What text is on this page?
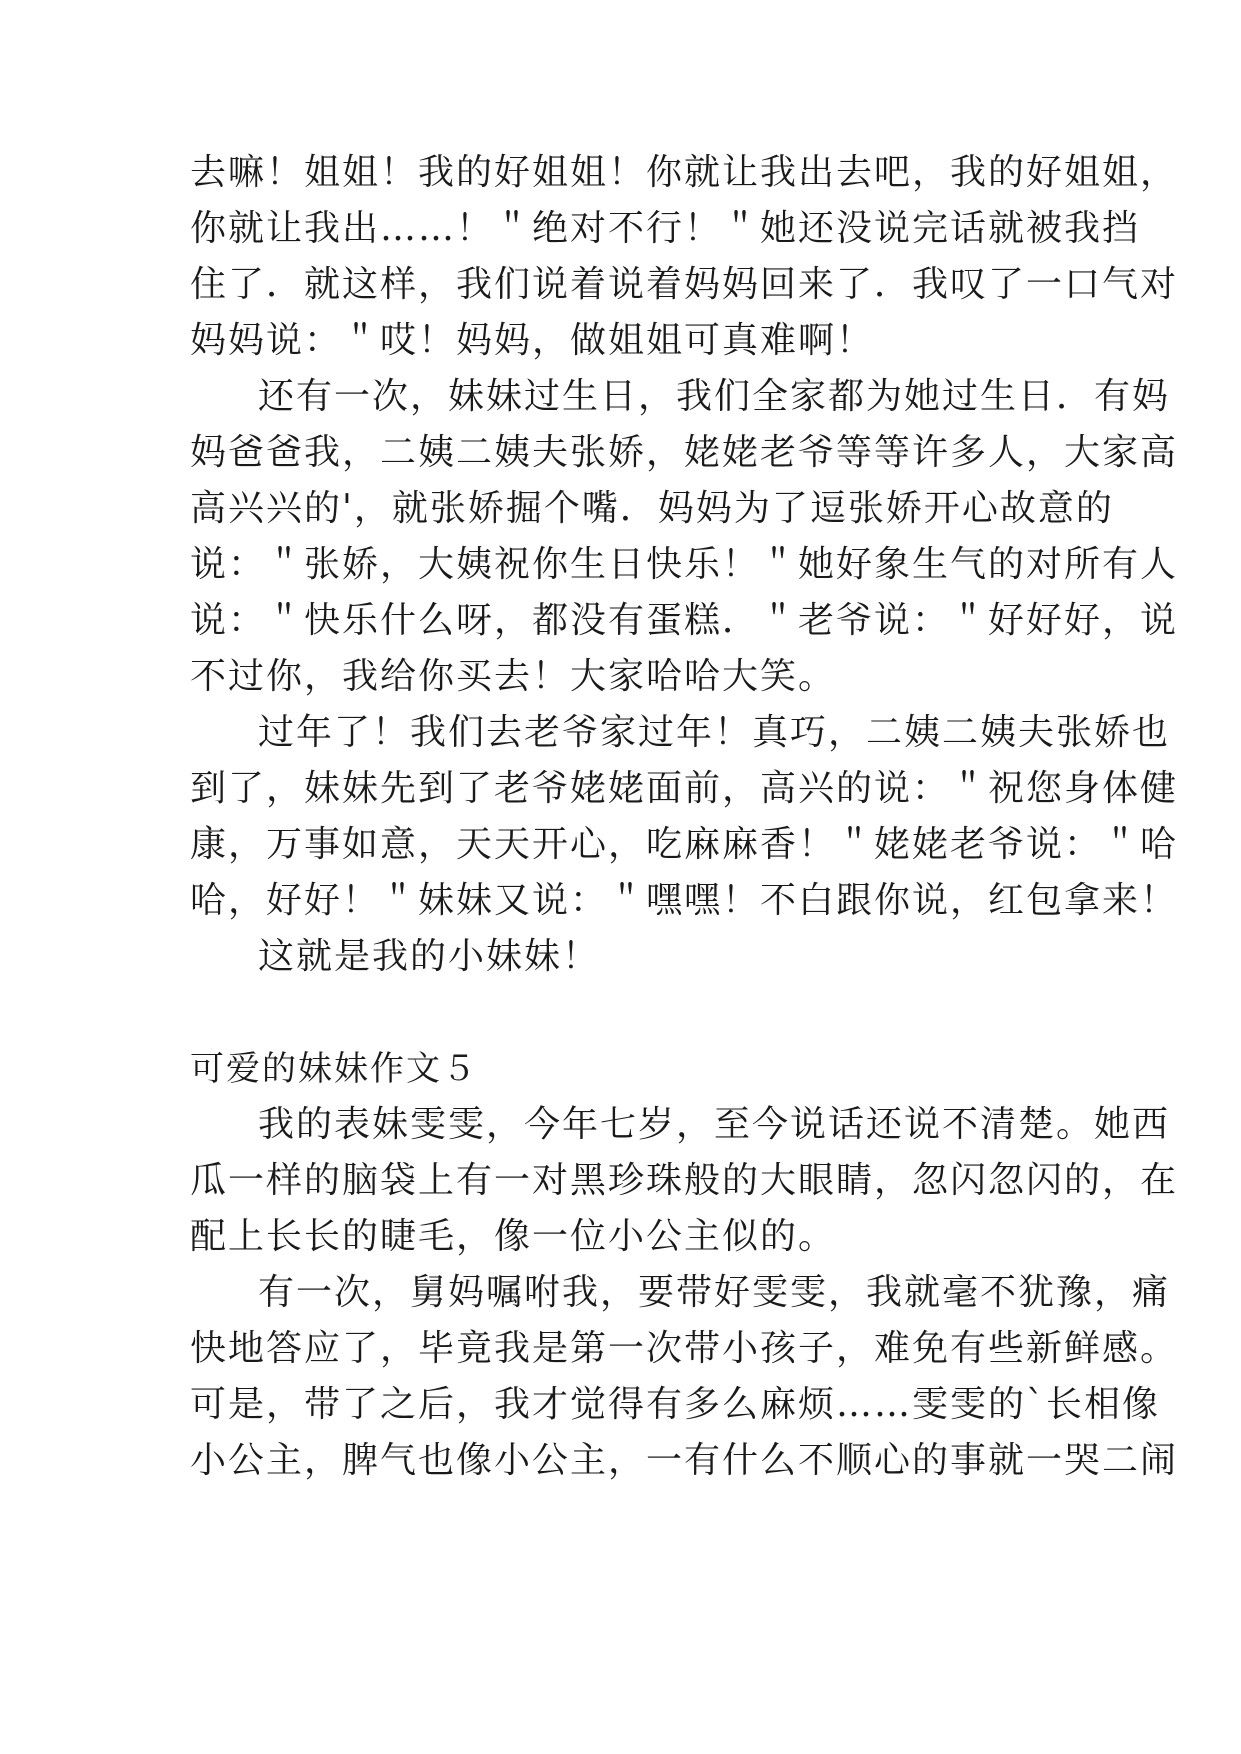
去嘛！姐姐！我的好姐姐！你就让我出去吧，我的好姐姐，
你就让我出……！＂绝对不行！＂她还没说完话就被我挡
住了．就这样，我们说着说着妈妈回来了．我叹了一口气对
妈妈说：＂哎！妈妈，做姐姐可真难啊！
还有一次，妹妹过生日，我们全家都为她过生日．有妈
妈爸爸我，二姨二姨夫张娇，姥姥老爷等等许多人，大家高
高兴兴的'，就张娇掘个嘴．妈妈为了逗张娇开心故意的
说：＂张娇，大姨祝你生日快乐！＂她好象生气的对所有人
说：＂快乐什么呀，都没有蛋糕．＂老爷说：＂好好好，说
不过你，我给你买去！大家哈哈大笑。
过年了！我们去老爷家过年！真巧，二姨二姨夫张娇也
到了，妹妹先到了老爷姥姥面前，高兴的说：＂祝您身体健
康，万事如意，天天开心，吃麻麻香！＂姥姥老爷说：＂哈
哈，好好！＂妹妹又说：＂嘿嘿！不白跟你说，红包拿来！
这就是我的小妹妹！
可爱的妹妹作文５
我的表妹雯雯，今年七岁，至今说话还说不清楚。她西
瓜一样的脑袋上有一对黑珍珠般的大眼睛，忽闪忽闪的，在
配上长长的睫毛，像一位小公主似的。
有一次，舅妈嘱咐我，要带好雯雯，我就毫不犹豫，痛
快地答应了，毕竟我是第一次带小孩子，难免有些新鲜感。
可是，带了之后，我才觉得有多么麻烦……雯雯的`长相像
小公主，脾气也像小公主，一有什么不顺心的事就一哭二闹
